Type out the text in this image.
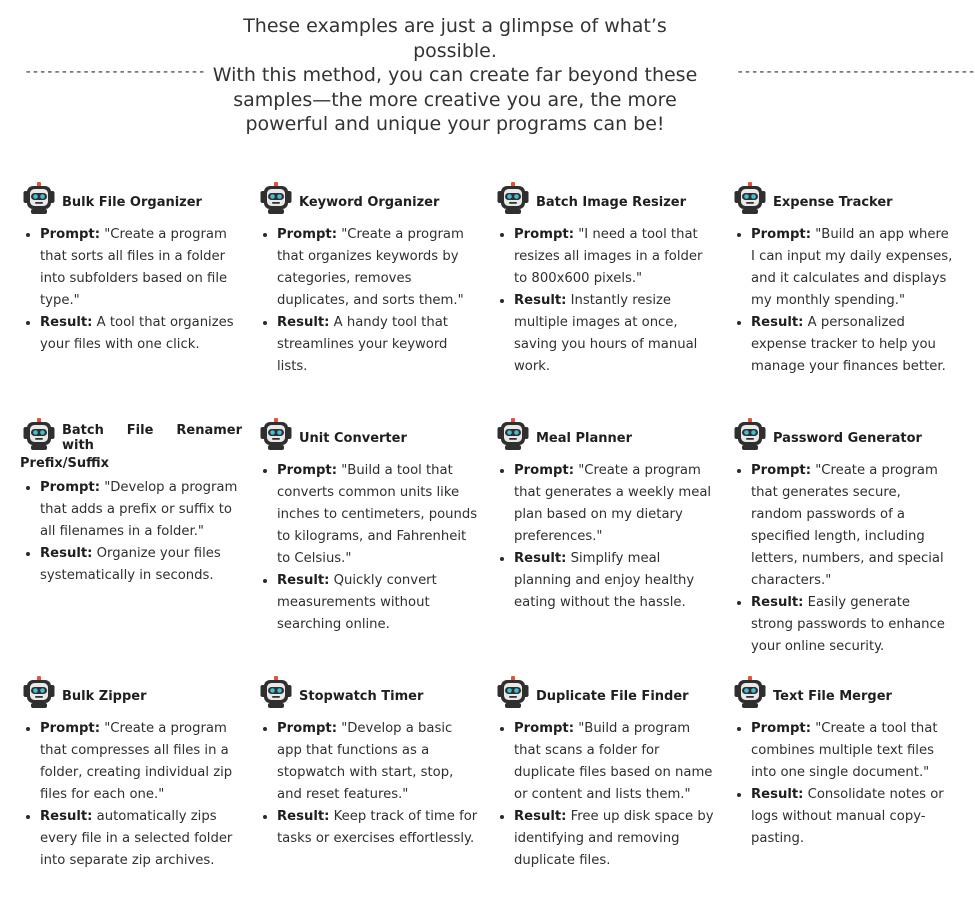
-------------------------
These examples are just a glimpse of what’s possible.
With this method, you can create far beyond these
samples—the more creative you are, the more
powerful and unique your programs can be!
---------------------------------
Bulk File Organizer
• Prompt: "Create a program that sorts all files in a folder into subfolders based on file type."
• Result: A tool that organizes your files with one click.
Keyword Organizer
• Prompt: "Create a program that organizes keywords by categories, removes duplicates, and sorts them."
• Result: A handy tool that streamlines your keyword lists.
Batch Image Resizer
• Prompt: "I need a tool that resizes all images in a folder to 800x600 pixels."
• Result: Instantly resize multiple images at once, saving you hours of manual work.
Expense Tracker
• Prompt: "Build an app where I can input my daily expenses, and it calculates and displays my monthly spending."
• Result: A personalized expense tracker to help you manage your finances better.
Batch File Renamer with
Prefix/Suffix
• Prompt: "Develop a program that adds a prefix or suffix to all filenames in a folder."
• Result: Organize your files systematically in seconds.
Unit Converter
• Prompt: "Build a tool that converts common units like inches to centimeters, pounds to kilograms, and Fahrenheit to Celsius."
• Result: Quickly convert measurements without searching online.
Meal Planner
• Prompt: "Create a program that generates a weekly meal plan based on my dietary preferences."
• Result: Simplify meal planning and enjoy healthy eating without the hassle.
Password Generator
• Prompt: "Create a program that generates secure, random passwords of a specified length, including letters, numbers, and special characters."
• Result: Easily generate strong passwords to enhance your online security.
Bulk Zipper
• Prompt: "Create a program that compresses all files in a folder, creating individual zip files for each one."
• Result: automatically zips every file in a selected folder into separate zip archives.
Stopwatch Timer
• Prompt: "Develop a basic app that functions as a stopwatch with start, stop, and reset features."
• Result: Keep track of time for tasks or exercises effortlessly.
Duplicate File Finder
• Prompt: "Build a program that scans a folder for duplicate files based on name or content and lists them."
• Result: Free up disk space by identifying and removing duplicate files.
Text File Merger
• Prompt: "Create a tool that combines multiple text files into one single document."
• Result: Consolidate notes or logs without manual copy-pasting.
